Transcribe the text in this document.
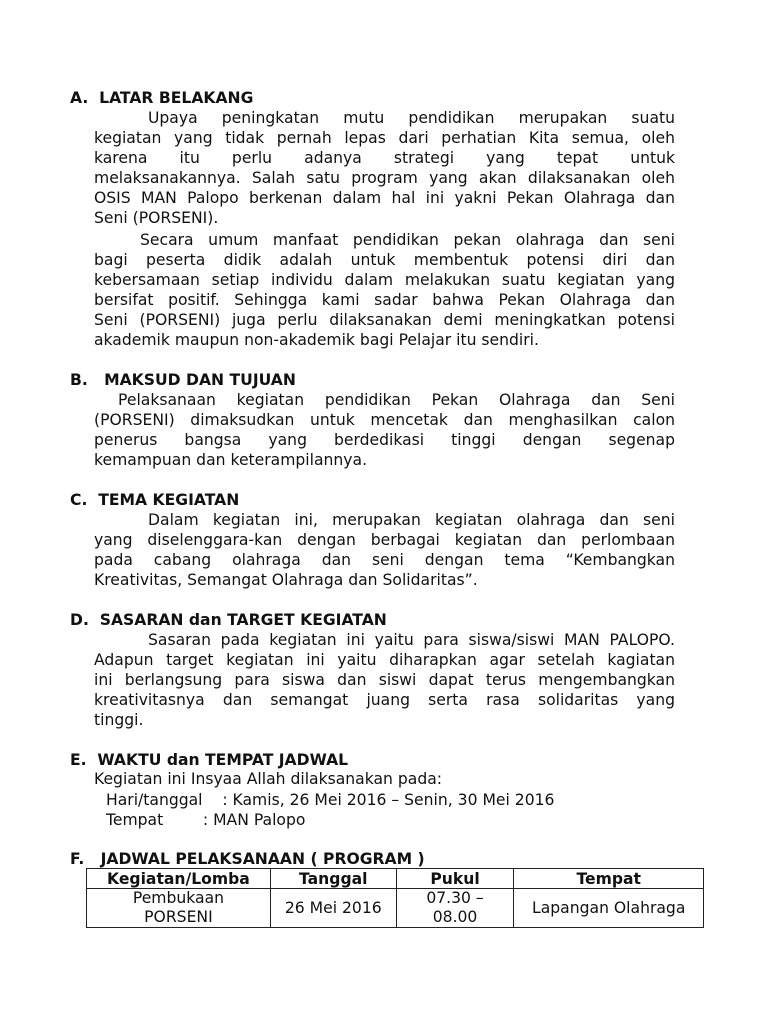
A.  LATAR BELAKANG
Upaya peningkatan mutu pendidikan merupakan suatu
kegiatan yang tidak pernah lepas dari perhatian Kita semua, oleh
karena itu perlu adanya strategi yang tepat untuk
melaksanakannya. Salah satu program yang akan dilaksanakan oleh
OSIS MAN Palopo berkenan dalam hal ini yakni Pekan Olahraga dan
Seni (PORSENI).
Secara umum manfaat pendidikan pekan olahraga dan seni
bagi peserta didik adalah untuk membentuk potensi diri dan
kebersamaan setiap individu dalam melakukan suatu kegiatan yang
bersifat positif. Sehingga kami sadar bahwa Pekan Olahraga dan
Seni (PORSENI) juga perlu dilaksanakan demi meningkatkan potensi
akademik maupun non-akademik bagi Pelajar itu sendiri.
B.   MAKSUD DAN TUJUAN
Pelaksanaan kegiatan pendidikan Pekan Olahraga dan Seni
(PORSENI) dimaksudkan untuk mencetak dan menghasilkan calon
penerus bangsa yang berdedikasi tinggi dengan segenap
kemampuan dan keterampilannya.
C.  TEMA KEGIATAN
Dalam kegiatan ini, merupakan kegiatan olahraga dan seni
yang diselenggara-kan dengan berbagai kegiatan dan perlombaan
pada cabang olahraga dan seni dengan tema “Kembangkan
Kreativitas, Semangat Olahraga dan Solidaritas”.
D.  SASARAN dan TARGET KEGIATAN
Sasaran pada kegiatan ini yaitu para siswa/siswi MAN PALOPO.
Adapun target kegiatan ini yaitu diharapkan agar setelah kagiatan
ini berlangsung para siswa dan siswi dapat terus mengembangkan
kreativitasnya dan semangat juang serta rasa solidaritas yang
tinggi.
E.  WAKTU dan TEMPAT JADWAL
Kegiatan ini Insyaa Allah dilaksanakan pada:
Hari/tanggal    : Kamis, 26 Mei 2016 – Senin, 30 Mei 2016
Tempat        : MAN Palopo
F.   JADWAL PELAKSANAAN ( PROGRAM )
Kegiatan/Lomba	Tanggal	Pukul	Tempat
Pembukaan
PORSENI	26 Mei 2016	07.30 –
08.00	Lapangan Olahraga
